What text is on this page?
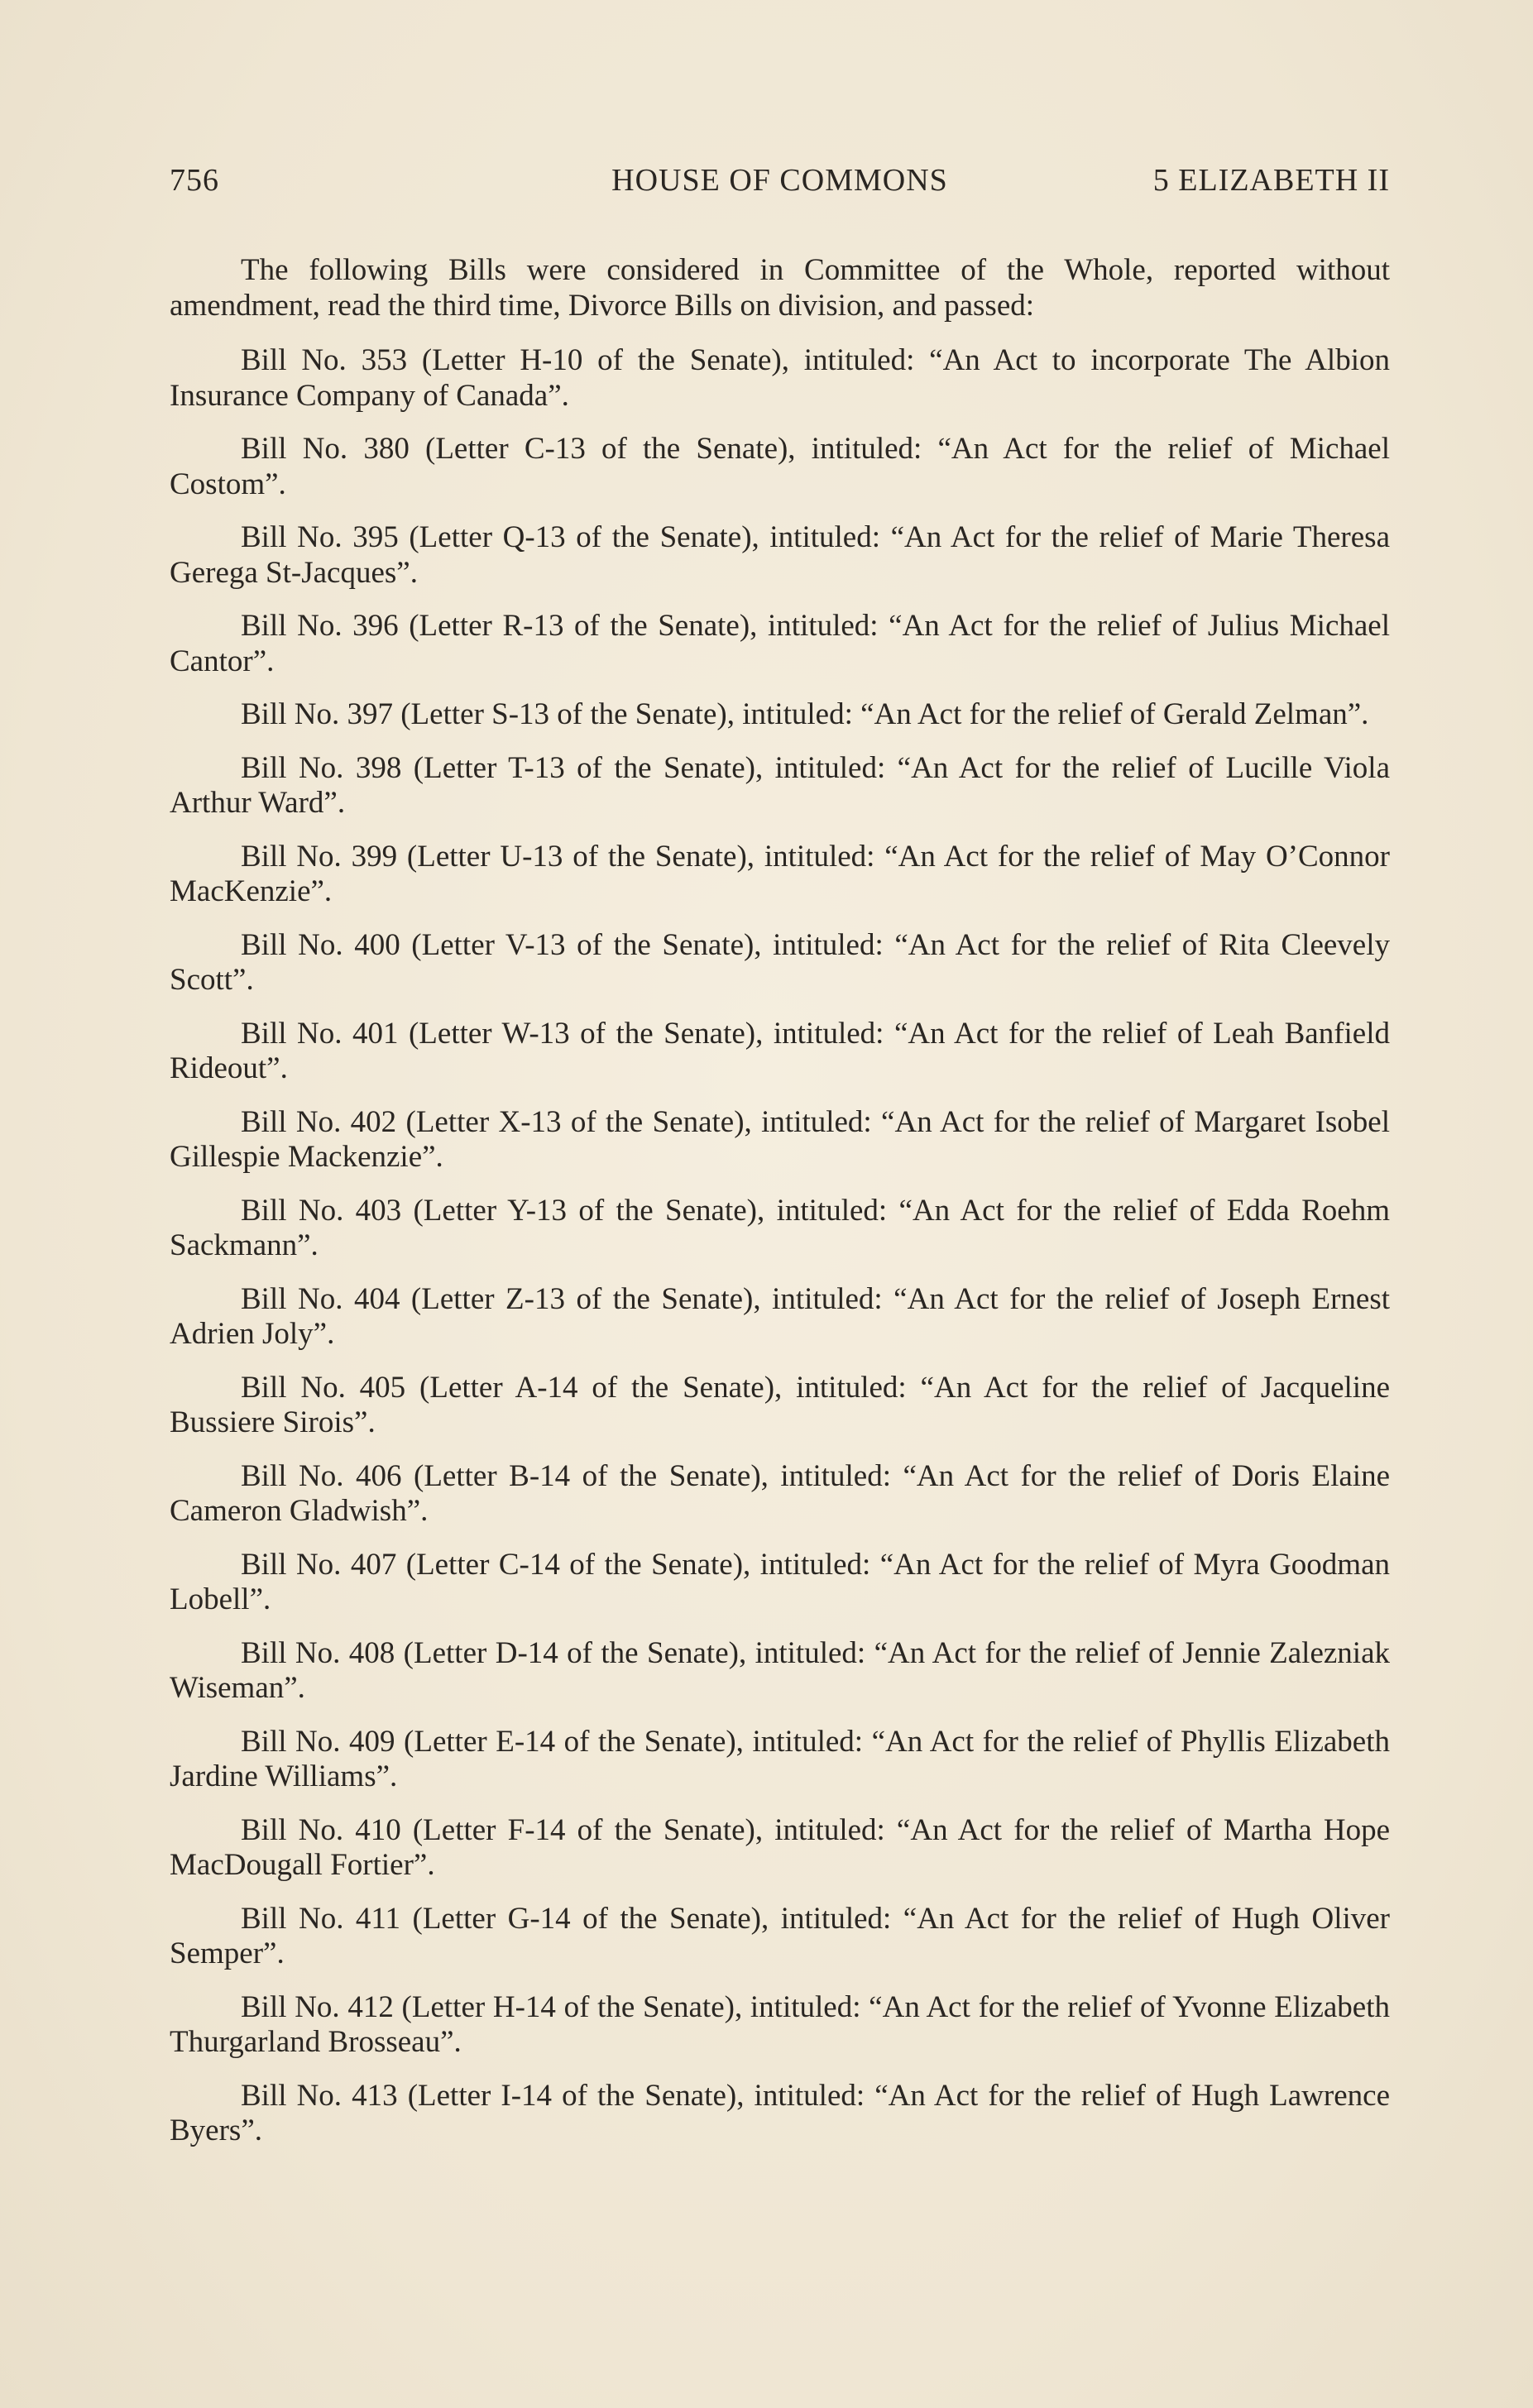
756	HOUSE OF COMMONS	5 ELIZABETH II

The following Bills were considered in Committee of the Whole, reported without amendment, read the third time, Divorce Bills on division, and passed:

Bill No. 353 (Letter H-10 of the Senate), intituled: “An Act to incorporate The Albion Insurance Company of Canada”.

Bill No. 380 (Letter C-13 of the Senate), intituled: “An Act for the relief of Michael Costom”.

Bill No. 395 (Letter Q-13 of the Senate), intituled: “An Act for the relief of Marie Theresa Gerega St-Jacques”.

Bill No. 396 (Letter R-13 of the Senate), intituled: “An Act for the relief of Julius Michael Cantor”.

Bill No. 397 (Letter S-13 of the Senate), intituled: “An Act for the relief of Gerald Zelman”.

Bill No. 398 (Letter T-13 of the Senate), intituled: “An Act for the relief of Lucille Viola Arthur Ward”.

Bill No. 399 (Letter U-13 of the Senate), intituled: “An Act for the relief of May O’Connor MacKenzie”.

Bill No. 400 (Letter V-13 of the Senate), intituled: “An Act for the relief of Rita Cleevely Scott”.

Bill No. 401 (Letter W-13 of the Senate), intituled: “An Act for the relief of Leah Banfield Rideout”.

Bill No. 402 (Letter X-13 of the Senate), intituled: “An Act for the relief of Margaret Isobel Gillespie Mackenzie”.

Bill No. 403 (Letter Y-13 of the Senate), intituled: “An Act for the relief of Edda Roehm Sackmann”.

Bill No. 404 (Letter Z-13 of the Senate), intituled: “An Act for the relief of Joseph Ernest Adrien Joly”.

Bill No. 405 (Letter A-14 of the Senate), intituled: “An Act for the relief of Jacqueline Bussiere Sirois”.

Bill No. 406 (Letter B-14 of the Senate), intituled: “An Act for the relief of Doris Elaine Cameron Gladwish”.

Bill No. 407 (Letter C-14 of the Senate), intituled: “An Act for the relief of Myra Goodman Lobell”.

Bill No. 408 (Letter D-14 of the Senate), intituled: “An Act for the relief of Jennie Zalezniak Wiseman”.

Bill No. 409 (Letter E-14 of the Senate), intituled: “An Act for the relief of Phyllis Elizabeth Jardine Williams”.

Bill No. 410 (Letter F-14 of the Senate), intituled: “An Act for the relief of Martha Hope MacDougall Fortier”.

Bill No. 411 (Letter G-14 of the Senate), intituled: “An Act for the relief of Hugh Oliver Semper”.

Bill No. 412 (Letter H-14 of the Senate), intituled: “An Act for the relief of Yvonne Elizabeth Thurgarland Brosseau”.

Bill No. 413 (Letter I-14 of the Senate), intituled: “An Act for the relief of Hugh Lawrence Byers”.
